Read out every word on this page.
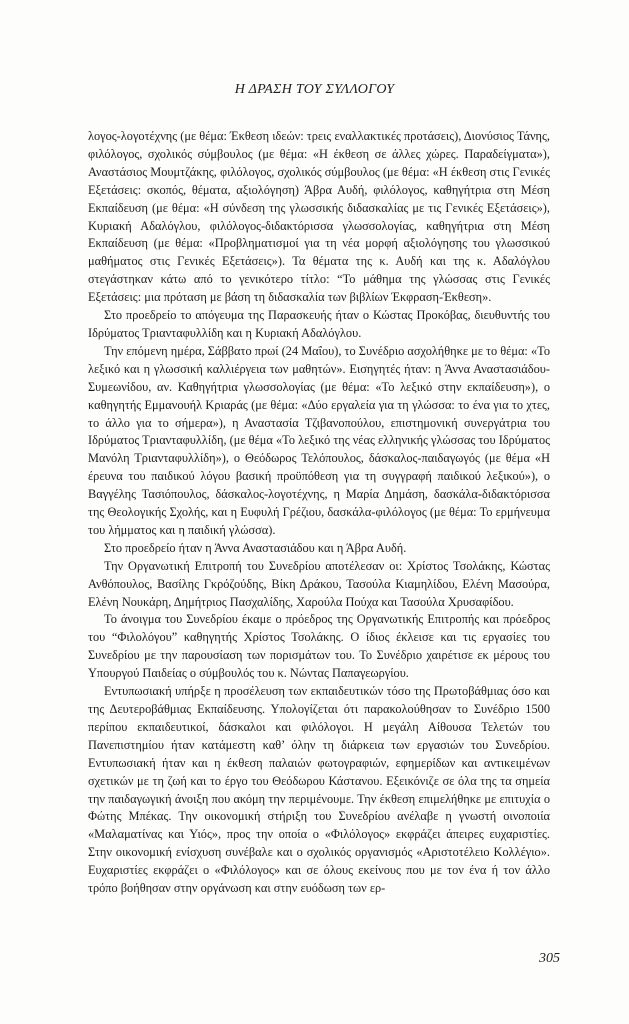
Η ΔΡΑΣΗ ΤΟΥ ΣΥΛΛΟΓΟΥ

λογος-λογοτέχνης (με θέμα: Έκθεση ιδεών: τρεις εναλλακτικές προτάσεις), Διονύσιος Τάνης, φιλόλογος, σχολικός σύμβουλος (με θέμα: «Η έκθεση σε άλλες χώρες. Παραδείγματα»), Αναστάσιος Μουμτζάκης, φιλόλογος, σχολικός σύμβουλος (με θέμα: «Η έκθεση στις Γενικές Εξετάσεις: σκοπός, θέματα, αξιολόγηση) Άβρα Αυδή, φιλόλογος, καθηγήτρια στη Μέση Εκπαίδευση (με θέμα: «Η σύνδεση της γλωσσικής διδασκαλίας με τις Γενικές Εξετάσεις»), Κυριακή Αδαλόγλου, φιλόλογος-διδακτόρισσα γλωσσολογίας, καθηγήτρια στη Μέση Εκπαίδευση (με θέμα: «Προβληματισμοί για τη νέα μορφή αξιολόγησης του γλωσσικού μαθήματος στις Γενικές Εξετάσεις»). Τα θέματα της κ. Αυδή και της κ. Αδαλόγλου στεγάστηκαν κάτω από το γενικότερο τίτλο: “Το μάθημα της γλώσσας στις Γενικές Εξετάσεις: μια πρόταση με βάση τη διδασκαλία των βιβλίων Έκφραση-Έκθεση».

Στο προεδρείο το απόγευμα της Παρασκευής ήταν ο Κώστας Προκόβας, διευθυντής του Ιδρύματος Τριανταφυλλίδη και η Κυριακή Αδαλόγλου.

Την επόμενη ημέρα, Σάββατο πρωί (24 Μαΐου), το Συνέδριο ασχολήθηκε με το θέμα: «Το λεξικό και η γλωσσική καλλιέργεια των μαθητών». Εισηγητές ήταν: η Άννα Αναστασιάδου-Συμεωνίδου, αν. Καθηγήτρια γλωσσολογίας (με θέμα: «Το λεξικό στην εκπαίδευση»), ο καθηγητής Εμμανουήλ Κριαράς (με θέμα: «Δύο εργαλεία για τη γλώσσα: το ένα για το χτες, το άλλο για το σήμερα»), η Αναστασία Τζιβανοπούλου, επιστημονική συνεργάτρια του Ιδρύματος Τριανταφυλλίδη, (με θέμα «Το λεξικό της νέας ελληνικής γλώσσας του Ιδρύματος Μανόλη Τριανταφυλλίδη»), ο Θεόδωρος Τελόπουλος, δάσκαλος-παιδαγωγός (με θέμα «Η έρευνα του παιδικού λόγου βασική προϋπόθεση για τη συγγραφή παιδικού λεξικού»), ο Βαγγέλης Τασιόπουλος, δάσκαλος-λογοτέχνης, η Μαρία Δημάση, δασκάλα-διδακτόρισσα της Θεολογικής Σχολής, και η Ευφυλή Γρέζιου, δασκάλα-φιλόλογος (με θέμα: Το ερμήνευμα του λήμματος και η παιδική γλώσσα).

Στο προεδρείο ήταν η Άννα Αναστασιάδου και η Άβρα Αυδή.

Την Οργανωτική Επιτροπή του Συνεδρίου αποτέλεσαν οι: Χρίστος Τσολάκης, Κώστας Ανθόπουλος, Βασίλης Γκρόζούδης, Βίκη Δράκου, Τασούλα Κιαμηλίδου, Ελένη Μασούρα, Ελένη Νουκάρη, Δημήτριος Πασχαλίδης, Χαρούλα Πούχα και Τασούλα Χρυσαφίδου.

Το άνοιγμα του Συνεδρίου έκαμε ο πρόεδρος της Οργανωτικής Επιτροπής και πρόεδρος του “Φιλολόγου” καθηγητής Χρίστος Τσολάκης. Ο ίδιος έκλεισε και τις εργασίες του Συνεδρίου με την παρουσίαση των πορισμάτων του. Το Συνέδριο χαιρέτισε εκ μέρους του Υπουργού Παιδείας ο σύμβουλός του κ. Νώντας Παπαγεωργίου.

Εντυπωσιακή υπήρξε η προσέλευση των εκπαιδευτικών τόσο της Πρωτοβάθμιας όσο και της Δευτεροβάθμιας Εκπαίδευσης. Υπολογίζεται ότι παρακολούθησαν το Συνέδριο 1500 περίπου εκπαιδευτικοί, δάσκαλοι και φιλόλογοι. Η μεγάλη Αίθουσα Τελετών του Πανεπιστημίου ήταν κατάμεστη καθ’ όλην τη διάρκεια των εργασιών του Συνεδρίου. Εντυπωσιακή ήταν και η έκθεση παλαιών φωτογραφιών, εφημερίδων και αντικειμένων σχετικών με τη ζωή και το έργο του Θεόδωρου Κάστανου. Εξεικόνιζε σε όλα της τα σημεία την παιδαγωγική άνοιξη που ακόμη την περιμένουμε. Την έκθεση επιμελήθηκε με επιτυχία ο Φώτης Μπέκας. Την οικονομική στήριξη του Συνεδρίου ανέλαβε η γνωστή οινοποιία «Μαλαματίνας και Υιός», προς την οποία ο «Φιλόλογος» εκφράζει άπειρες ευχαριστίες. Στην οικονομική ενίσχυση συνέβαλε και ο σχολικός οργανισμός «Αριστοτέλειο Κολλέγιο». Ευχαριστίες εκφράζει ο «Φιλόλογος» και σε όλους εκείνους που με τον ένα ή τον άλλο τρόπο βοήθησαν στην οργάνωση και στην ευόδωση των ερ-

305
